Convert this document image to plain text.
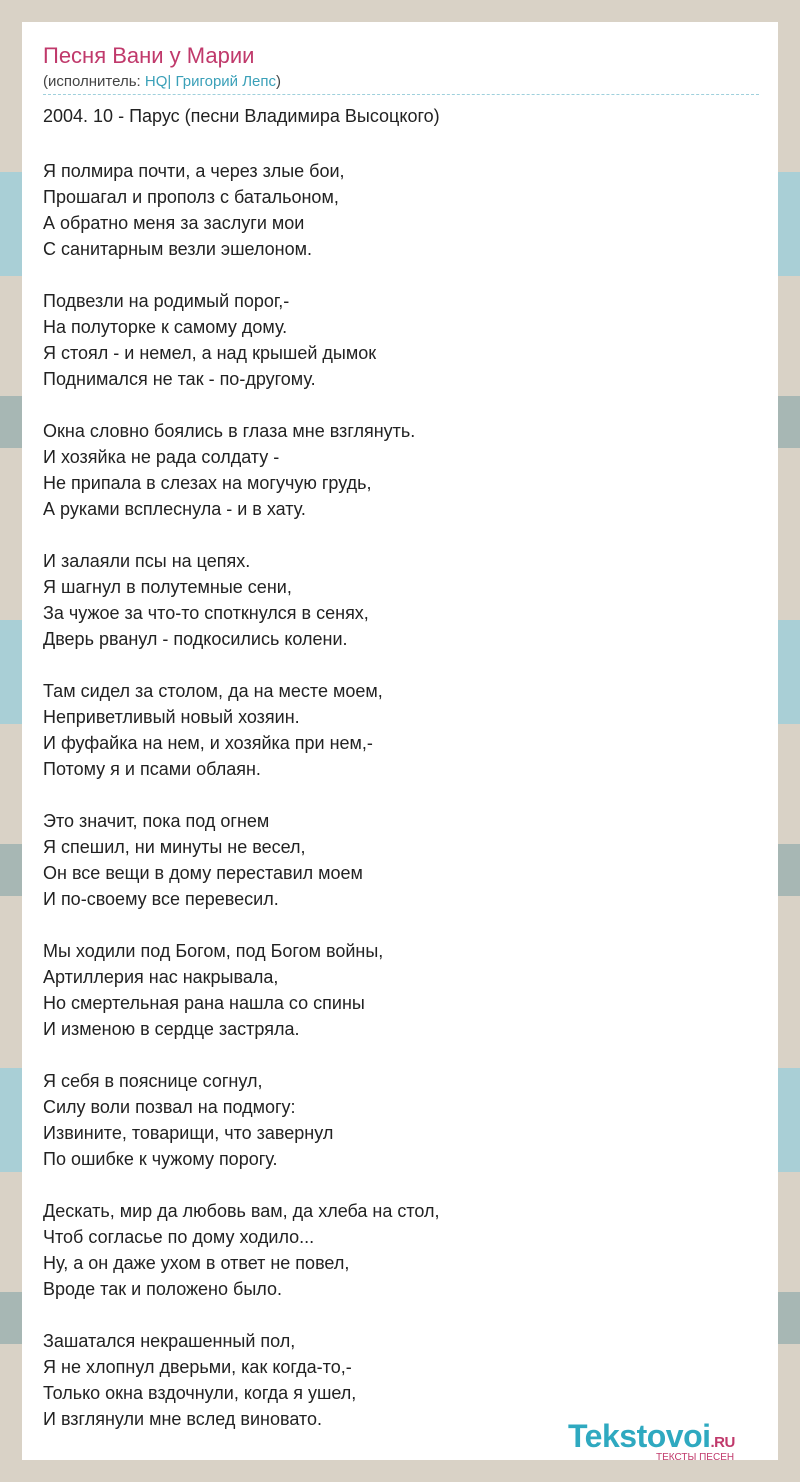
Песня Вани у Марии
(исполнитель: HQ| Григорий Лепс)
2004. 10 - Парус (песни Владимира Высоцкого)
Я полмира почти, а через злые бои,
Прошагал и прополз с батальоном,
А обратно меня за заслуги мои
С санитарным везли эшелоном.
Подвезли на родимый порог,-
На полуторке к самому дому.
Я стоял - и немел, а над крышей дымок
Поднимался не так - по-другому.
Окна словно боялись в глаза мне взглянуть.
И хозяйка не рада солдату -
Не припала в слезах на могучую грудь,
А руками всплеснула - и в хату.
И залаяли псы на цепях.
Я шагнул в полутемные сени,
За чужое за что-то споткнулся в сенях,
Дверь рванул - подкосились колени.
Там сидел за столом, да на месте моем,
Неприветливый новый хозяин.
И фуфайка на нем, и хозяйка при нем,-
Потому я и псами облаян.
Это значит, пока под огнем
Я спешил, ни минуты не весел,
Он все вещи в дому переставил моем
И по-своему все перевесил.
Мы ходили под Богом, под Богом войны,
Артиллерия нас накрывала,
Но смертельная рана нашла со спины
И изменою в сердце застряла.
Я себя в пояснице согнул,
Силу воли позвал на подмогу:
Извините, товарищи, что завернул
По ошибке к чужому порогу.
Дескать, мир да любовь вам, да хлеба на стол,
Чтоб согласье по дому ходило...
Ну, а он даже ухом в ответ не повел,
Вроде так и положено было.
Зашатался некрашенный пол,
Я не хлопнул дверьми, как когда-то,-
Только окна вздочнули, когда я ушел,
И взглянули мне вслед виновато.	Tekstovoi.RU
ТЕКСТЫ ПЕСЕН
